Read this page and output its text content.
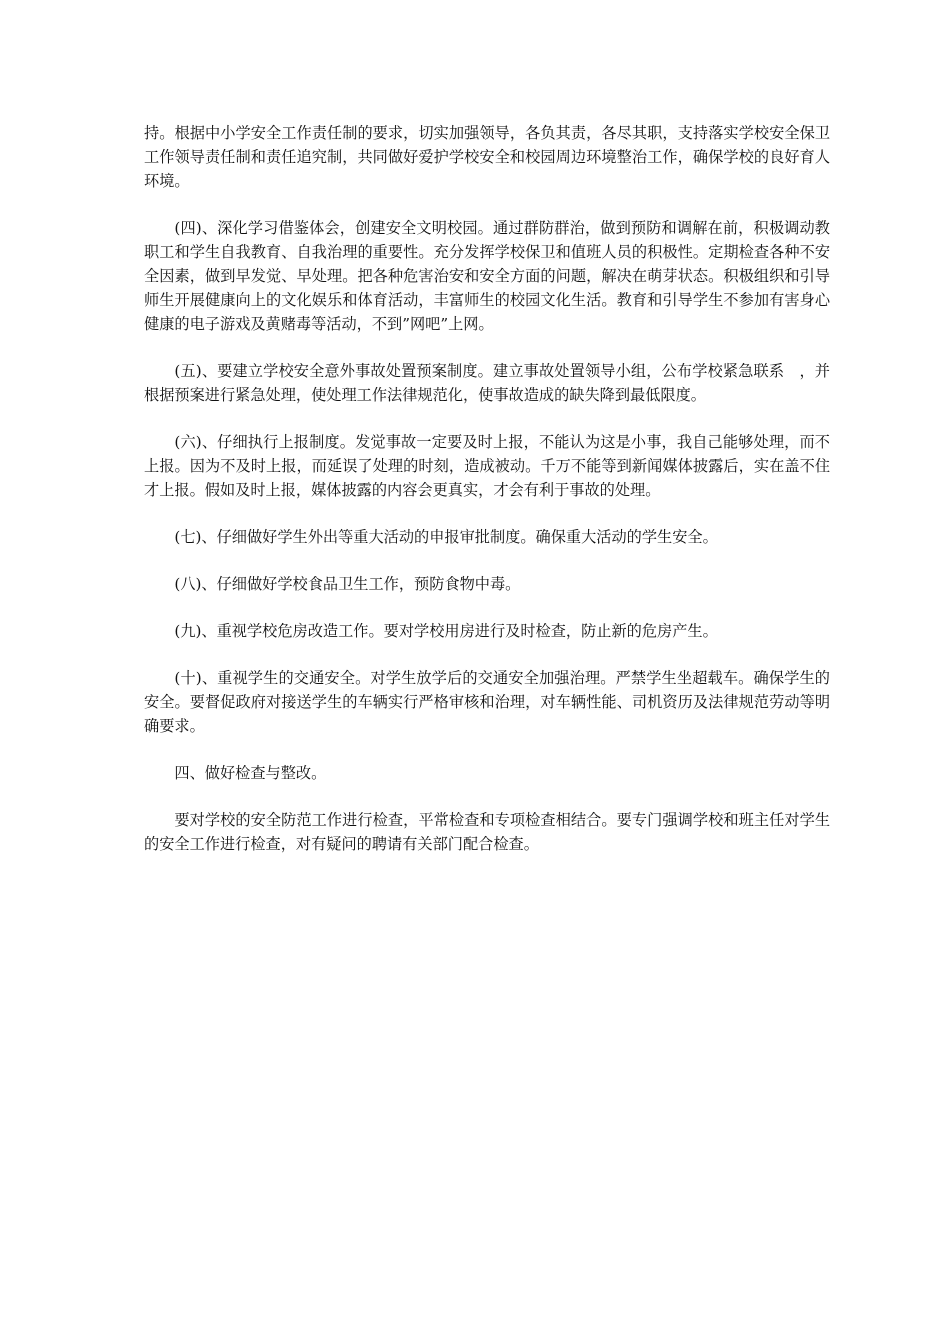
持。根据中小学安全工作责任制的要求，切实加强领导，各负其责，各尽其职，支持落实学校安全保卫工作领导责任制和责任追究制，共同做好爱护学校安全和校园周边环境整治工作，确保学校的良好育人环境。

(四)、深化学习借鉴体会，创建安全文明校园。通过群防群治，做到预防和调解在前，积极调动教职工和学生自我教育、自我治理的重要性。充分发挥学校保卫和值班人员的积极性。定期检查各种不安全因素，做到早发觉、早处理。把各种危害治安和安全方面的问题，解决在萌芽状态。积极组织和引导师生开展健康向上的文化娱乐和体育活动，丰富师生的校园文化生活。教育和引导学生不参加有害身心健康的电子游戏及黄赌毒等活动，不到”网吧”上网。

(五)、要建立学校安全意外事故处置预案制度。建立事故处置领导小组，公布学校紧急联系　，并根据预案进行紧急处理，使处理工作法律规范化，使事故造成的缺失降到最低限度。

(六)、仔细执行上报制度。发觉事故一定要及时上报，不能认为这是小事，我自己能够处理，而不上报。因为不及时上报，而延误了处理的时刻，造成被动。千万不能等到新闻媒体披露后，实在盖不住才上报。假如及时上报，媒体披露的内容会更真实，才会有利于事故的处理。

(七)、仔细做好学生外出等重大活动的申报审批制度。确保重大活动的学生安全。

(八)、仔细做好学校食品卫生工作，预防食物中毒。

(九)、重视学校危房改造工作。要对学校用房进行及时检查，防止新的危房产生。

(十)、重视学生的交通安全。对学生放学后的交通安全加强治理。严禁学生坐超载车。确保学生的安全。要督促政府对接送学生的车辆实行严格审核和治理，对车辆性能、司机资历及法律规范劳动等明确要求。

四、做好检查与整改。

要对学校的安全防范工作进行检查，平常检查和专项检查相结合。要专门强调学校和班主任对学生的安全工作进行检查，对有疑问的聘请有关部门配合检查。
